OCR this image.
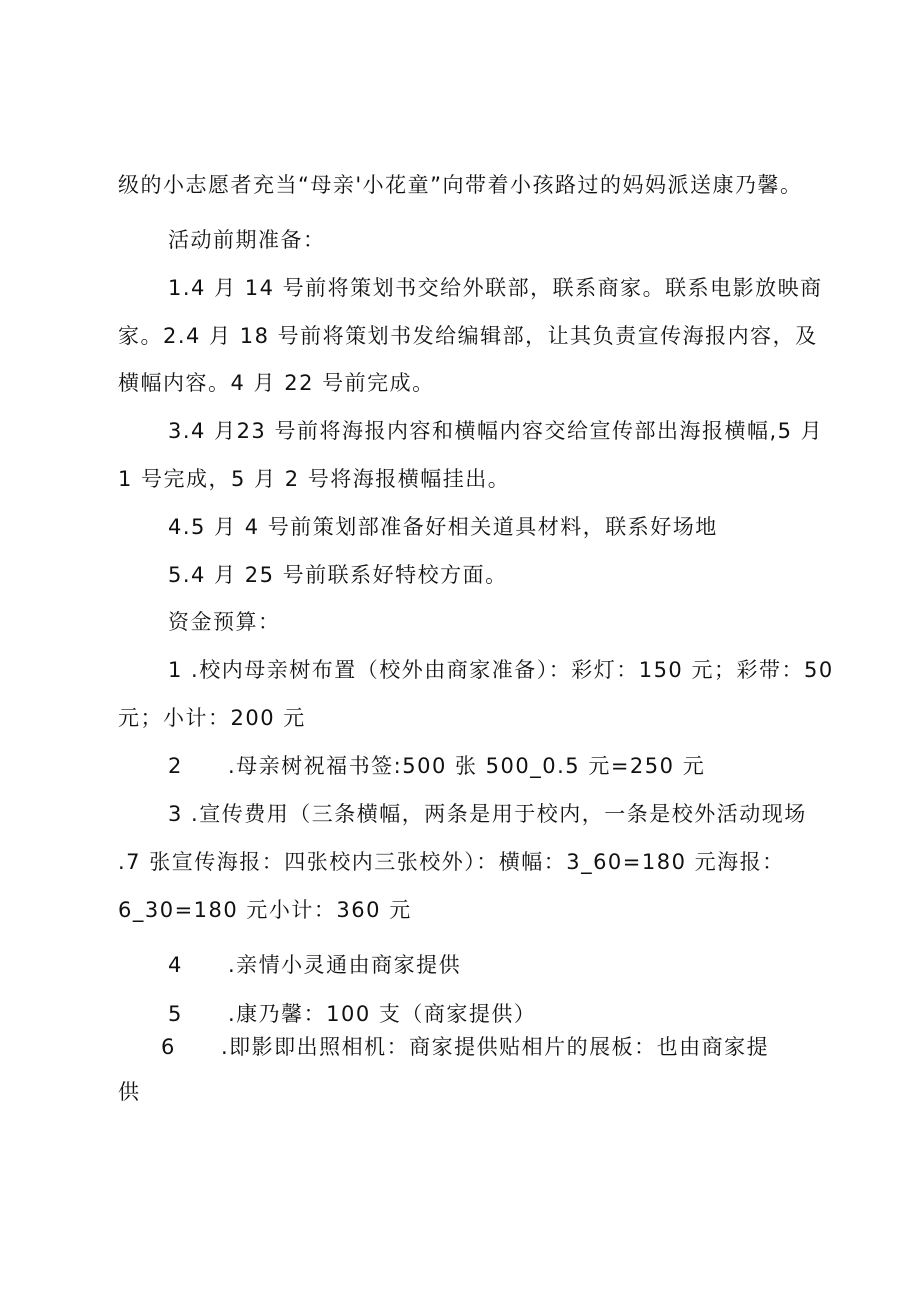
级的小志愿者充当“母亲'小花童”向带着小孩路过的妈妈派送康乃馨。
活动前期准备：
1.4 月 14 号前将策划书交给外联部，联系商家。联系电影放映商
家。2.4 月 18 号前将策划书发给编辑部，让其负责宣传海报内容，及
横幅内容。4 月 22 号前完成。
3.4 月23 号前将海报内容和横幅内容交给宣传部出海报横幅,5 月
1 号完成，5 月 2 号将海报横幅挂出。
4.5 月 4 号前策划部准备好相关道具材料，联系好场地
5.4 月 25 号前联系好特校方面。
资金预算：
1 .校内母亲树布置（校外由商家准备）：彩灯：150 元；彩带：50
元；小计：200 元
2 .母亲树祝福书签:500 张 500_0.5 元=250 元
3 .宣传费用（三条横幅，两条是用于校内，一条是校外活动现场
.7 张宣传海报：四张校内三张校外）：横幅：3_60=180 元海报：
6_30=180 元小计：360 元
4 .亲情小灵通由商家提供
5 .康乃馨：100 支（商家提供）
6 .即影即出照相机：商家提供贴相片的展板：也由商家提
供
